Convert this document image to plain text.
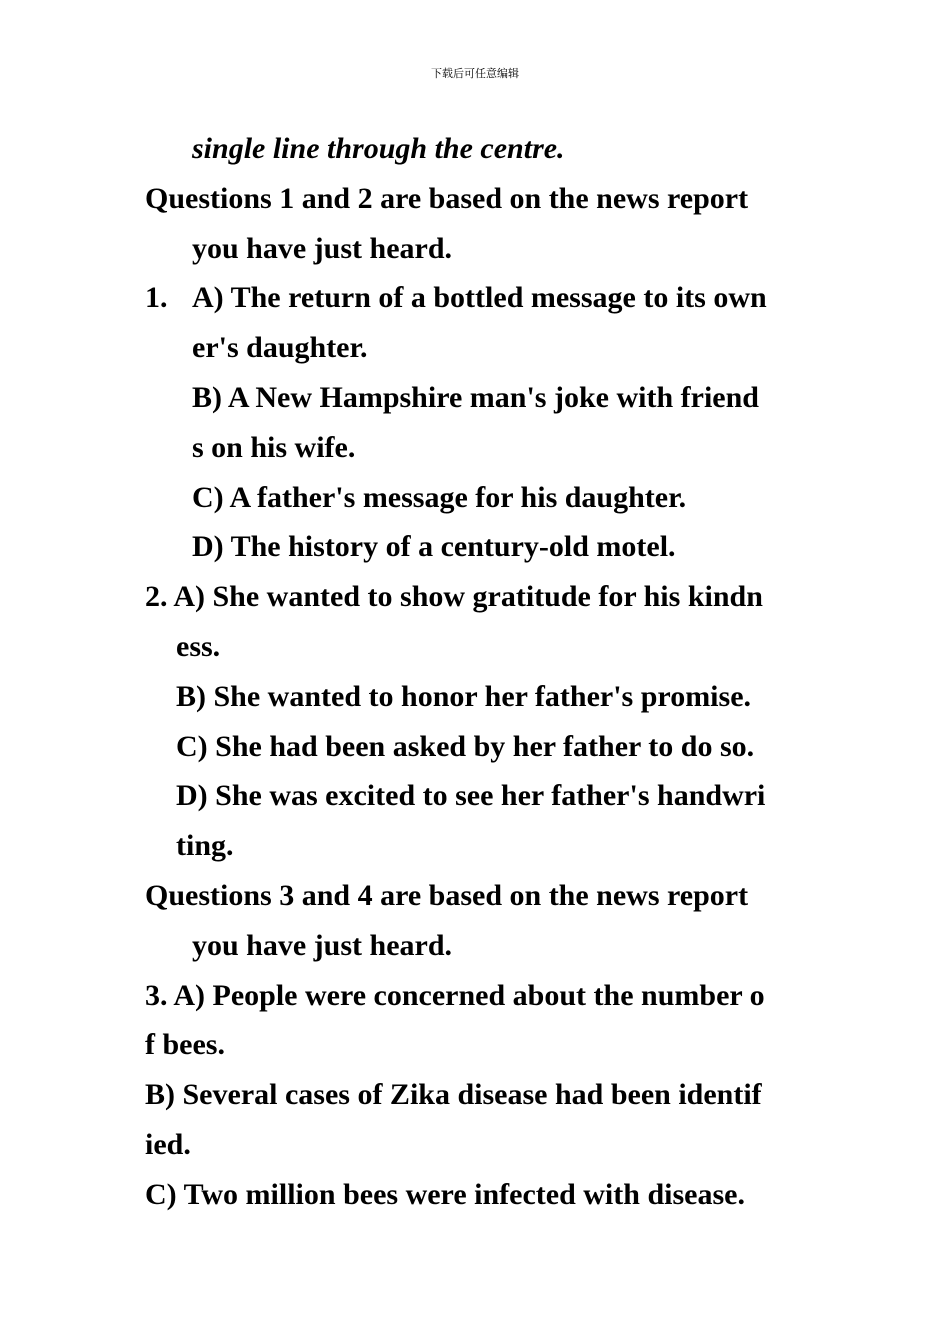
下载后可任意编辑
single line through the centre.
Questions 1 and 2 are based on the news report
you have just heard.
1. A) The return of a bottled message to its own
er's daughter.
B) A New Hampshire man's joke with friend
s on his wife.
C) A father's message for his daughter.
D) The history of a century-old motel.
2. A) She wanted to show gratitude for his kindn
ess.
B) She wanted to honor her father's promise.
C) She had been asked by her father to do so.
D) She was excited to see her father's handwri
ting.
Questions 3 and 4 are based on the news report
you have just heard.
3. A) People were concerned about the number o
f bees.
B) Several cases of Zika disease had been identif
ied.
C) Two million bees were infected with disease.
